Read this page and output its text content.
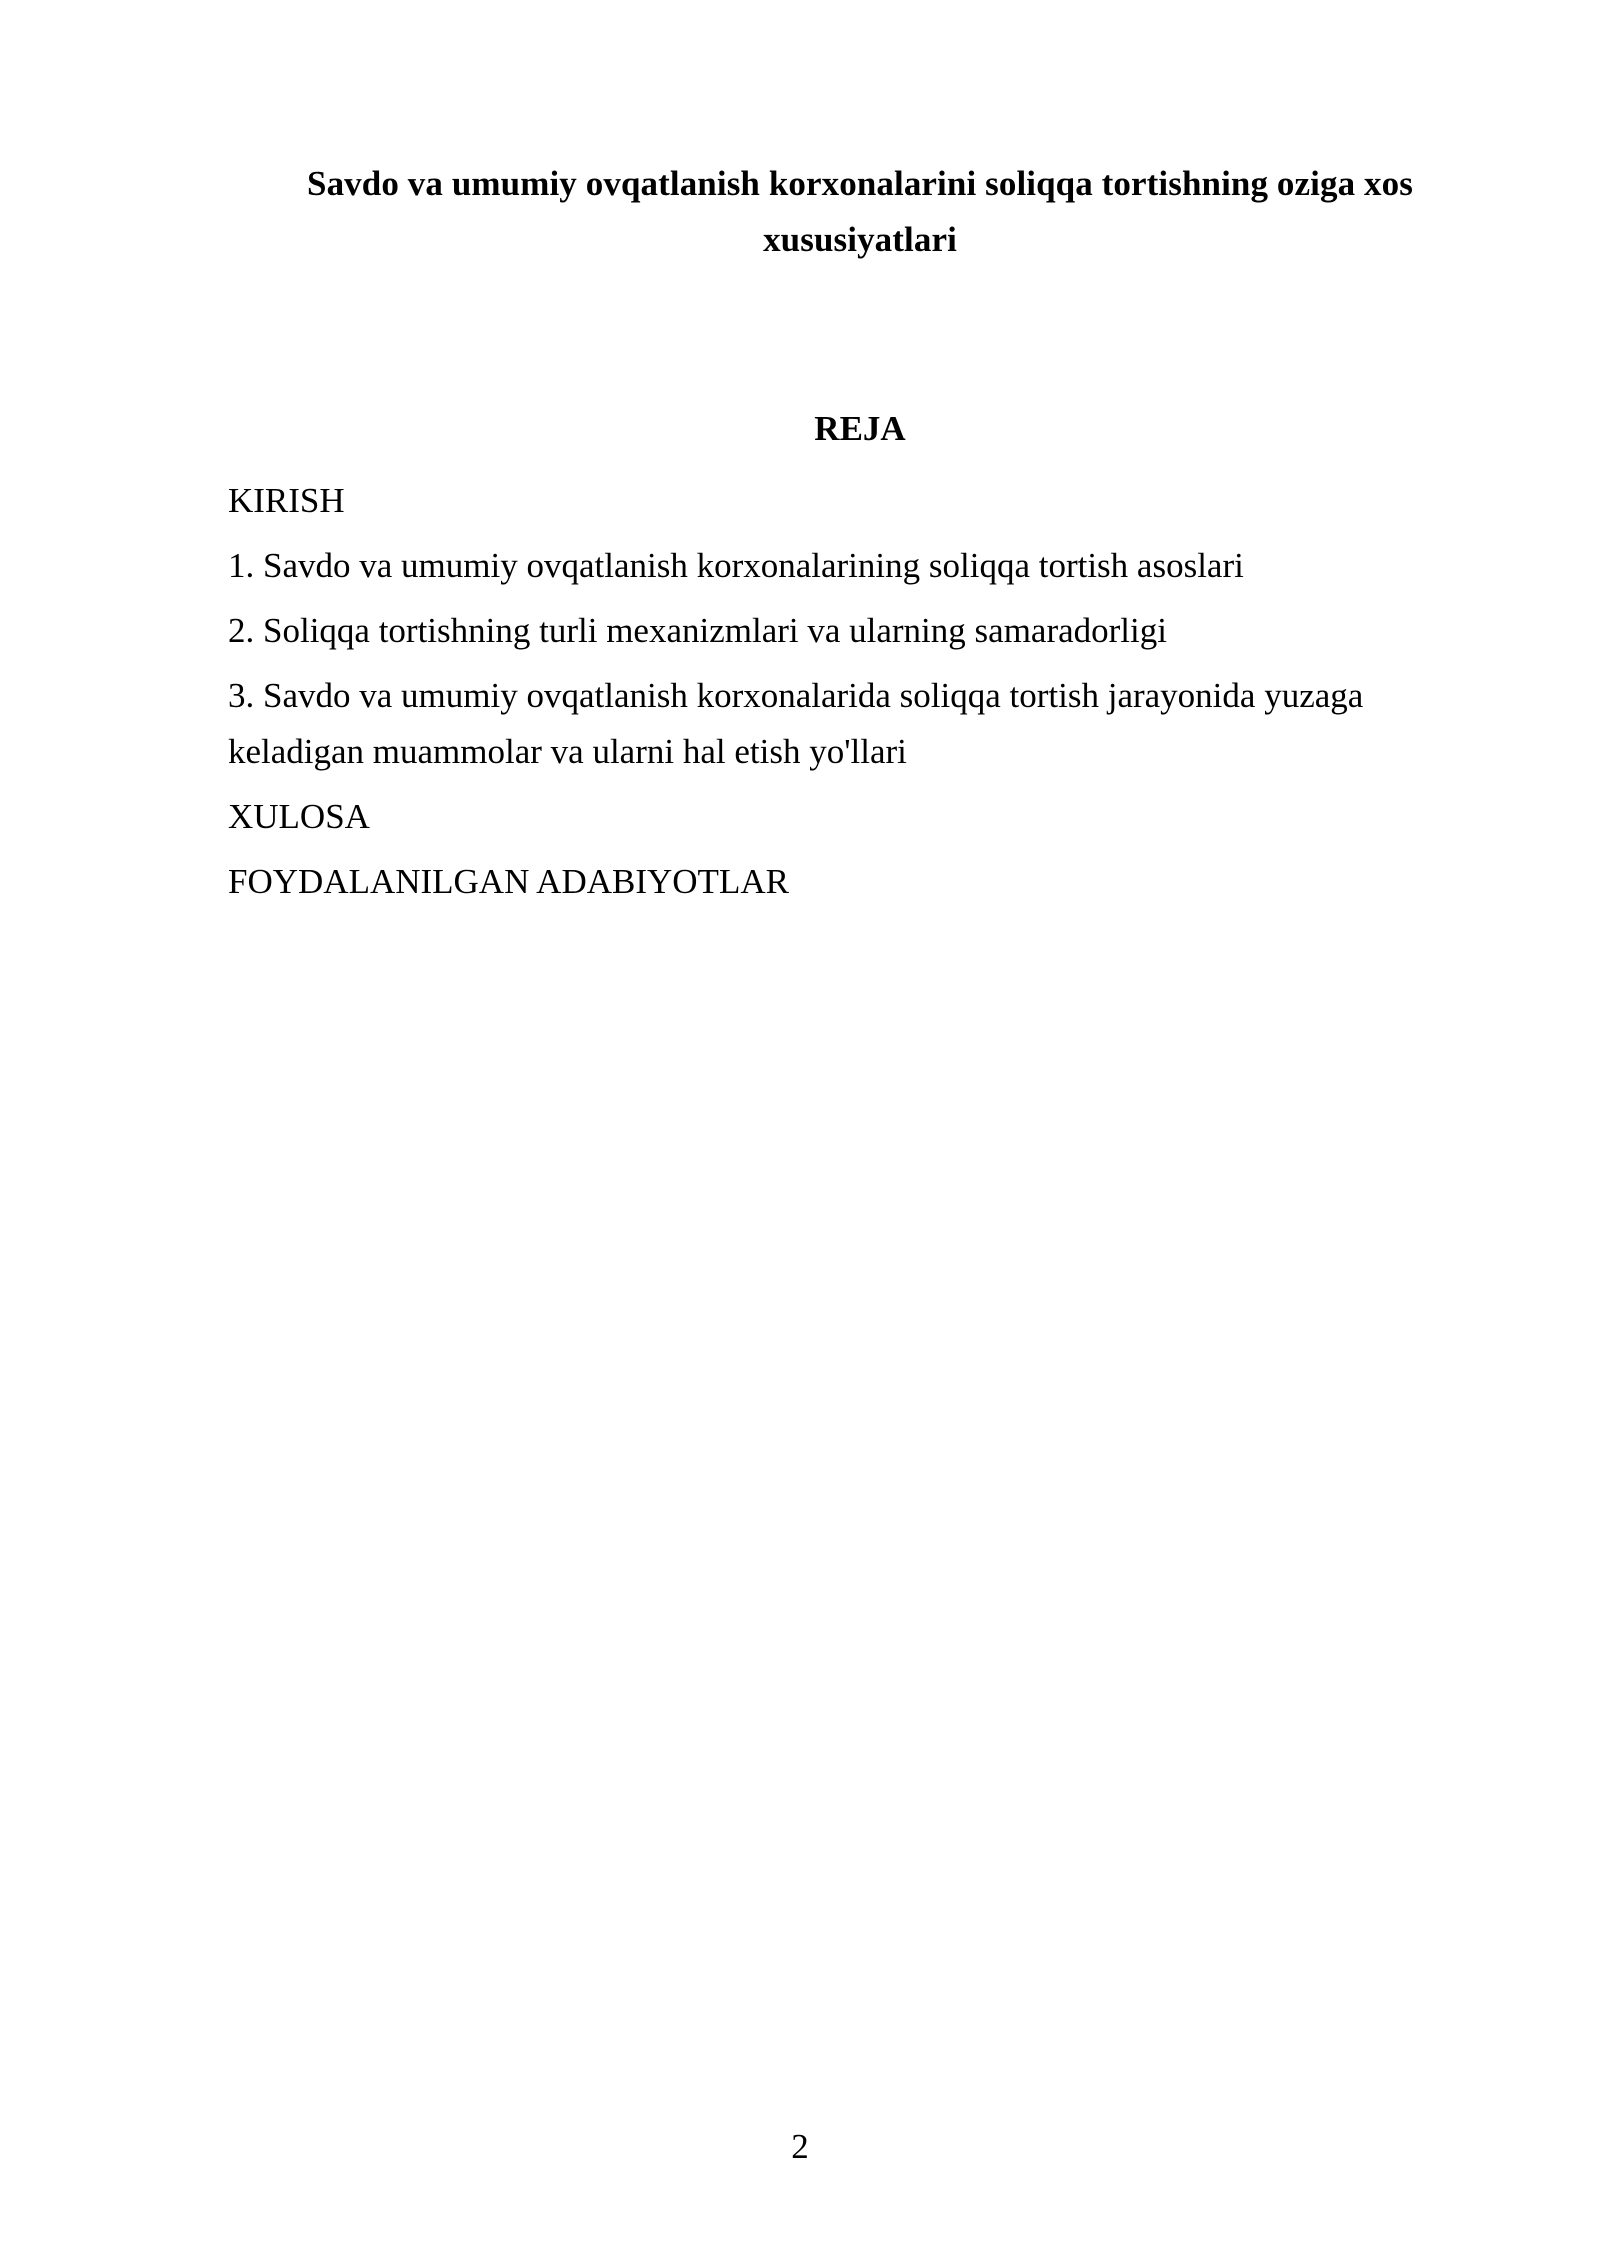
Savdo va umumiy ovqatlanish korxonalarini soliqqa tortishning oziga xos xususiyatlari
REJA
KIRISH
1. Savdo va umumiy ovqatlanish korxonalarining soliqqa tortish asoslari
2. Soliqqa tortishning turli mexanizmlari va ularning samaradorligi
3. Savdo va umumiy ovqatlanish korxonalarida soliqqa tortish jarayonida yuzaga keladigan muammolar va ularni hal etish yo'llari
XULOSA
FOYDALANILGAN ADABIYOTLAR
2
